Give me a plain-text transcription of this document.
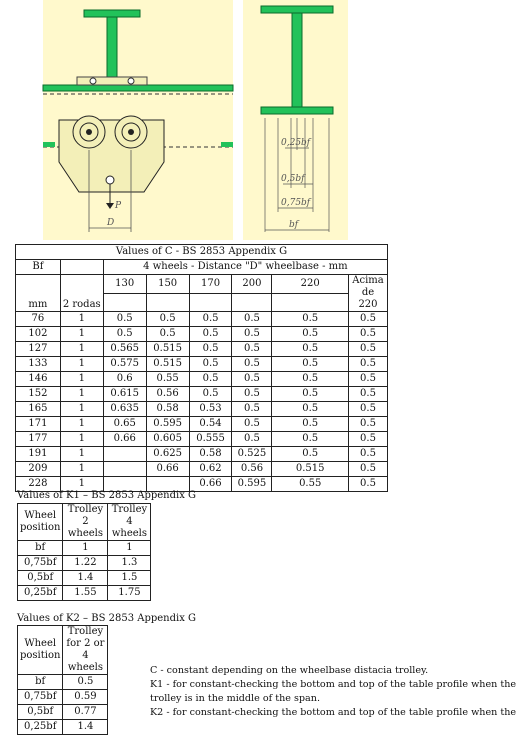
P
D
0,25bf
0,5bf
0,75bf
bf
Values of C - BS 2853 Appendix G							
Bf		4 wheels - Distance "D" wheelbase - mm					
mm	2 rodas	130	150	170	200	220	Acima de 220

76	1	0.5	0.5	0.5	0.5	0.5	0.5
102	1	0.5	0.5	0.5	0.5	0.5	0.5
127	1	0.565	0.515	0.5	0.5	0.5	0.5
133	1	0.575	0.515	0.5	0.5	0.5	0.5
146	1	0.6	0.55	0.5	0.5	0.5	0.5
152	1	0.615	0.56	0.5	0.5	0.5	0.5
165	1	0.635	0.58	0.53	0.5	0.5	0.5
171	1	0.65	0.595	0.54	0.5	0.5	0.5
177	1	0.66	0.605	0.555	0.5	0.5	0.5
191	1		0.625	0.58	0.525	0.5	0.5
209	1		0.66	0.62	0.56	0.515	0.5
228	1			0.66	0.595	0.55	0.5
Values of K1 – BS 2853 Appendix G
Wheel position	Trolley 2 wheels	Trolley 4 wheels
bf	1	1
0,75bf	1.22	1.3
0,5bf	1.4	1.5
0,25bf	1.55	1.75
Values of K2 – BS 2853 Appendix G
Wheel position	Trolley for 2 or 4 wheels
bf	0.5
0,75bf	0.59
0,5bf	0.77
0,25bf	1.4

C - constant depending on the wheelbase distacia trolley.

K1 - for constant-checking the bottom and top of the table profile when the

trolley is in the middle of the span.

K2 - for constant-checking the bottom and top of the table profile when the
